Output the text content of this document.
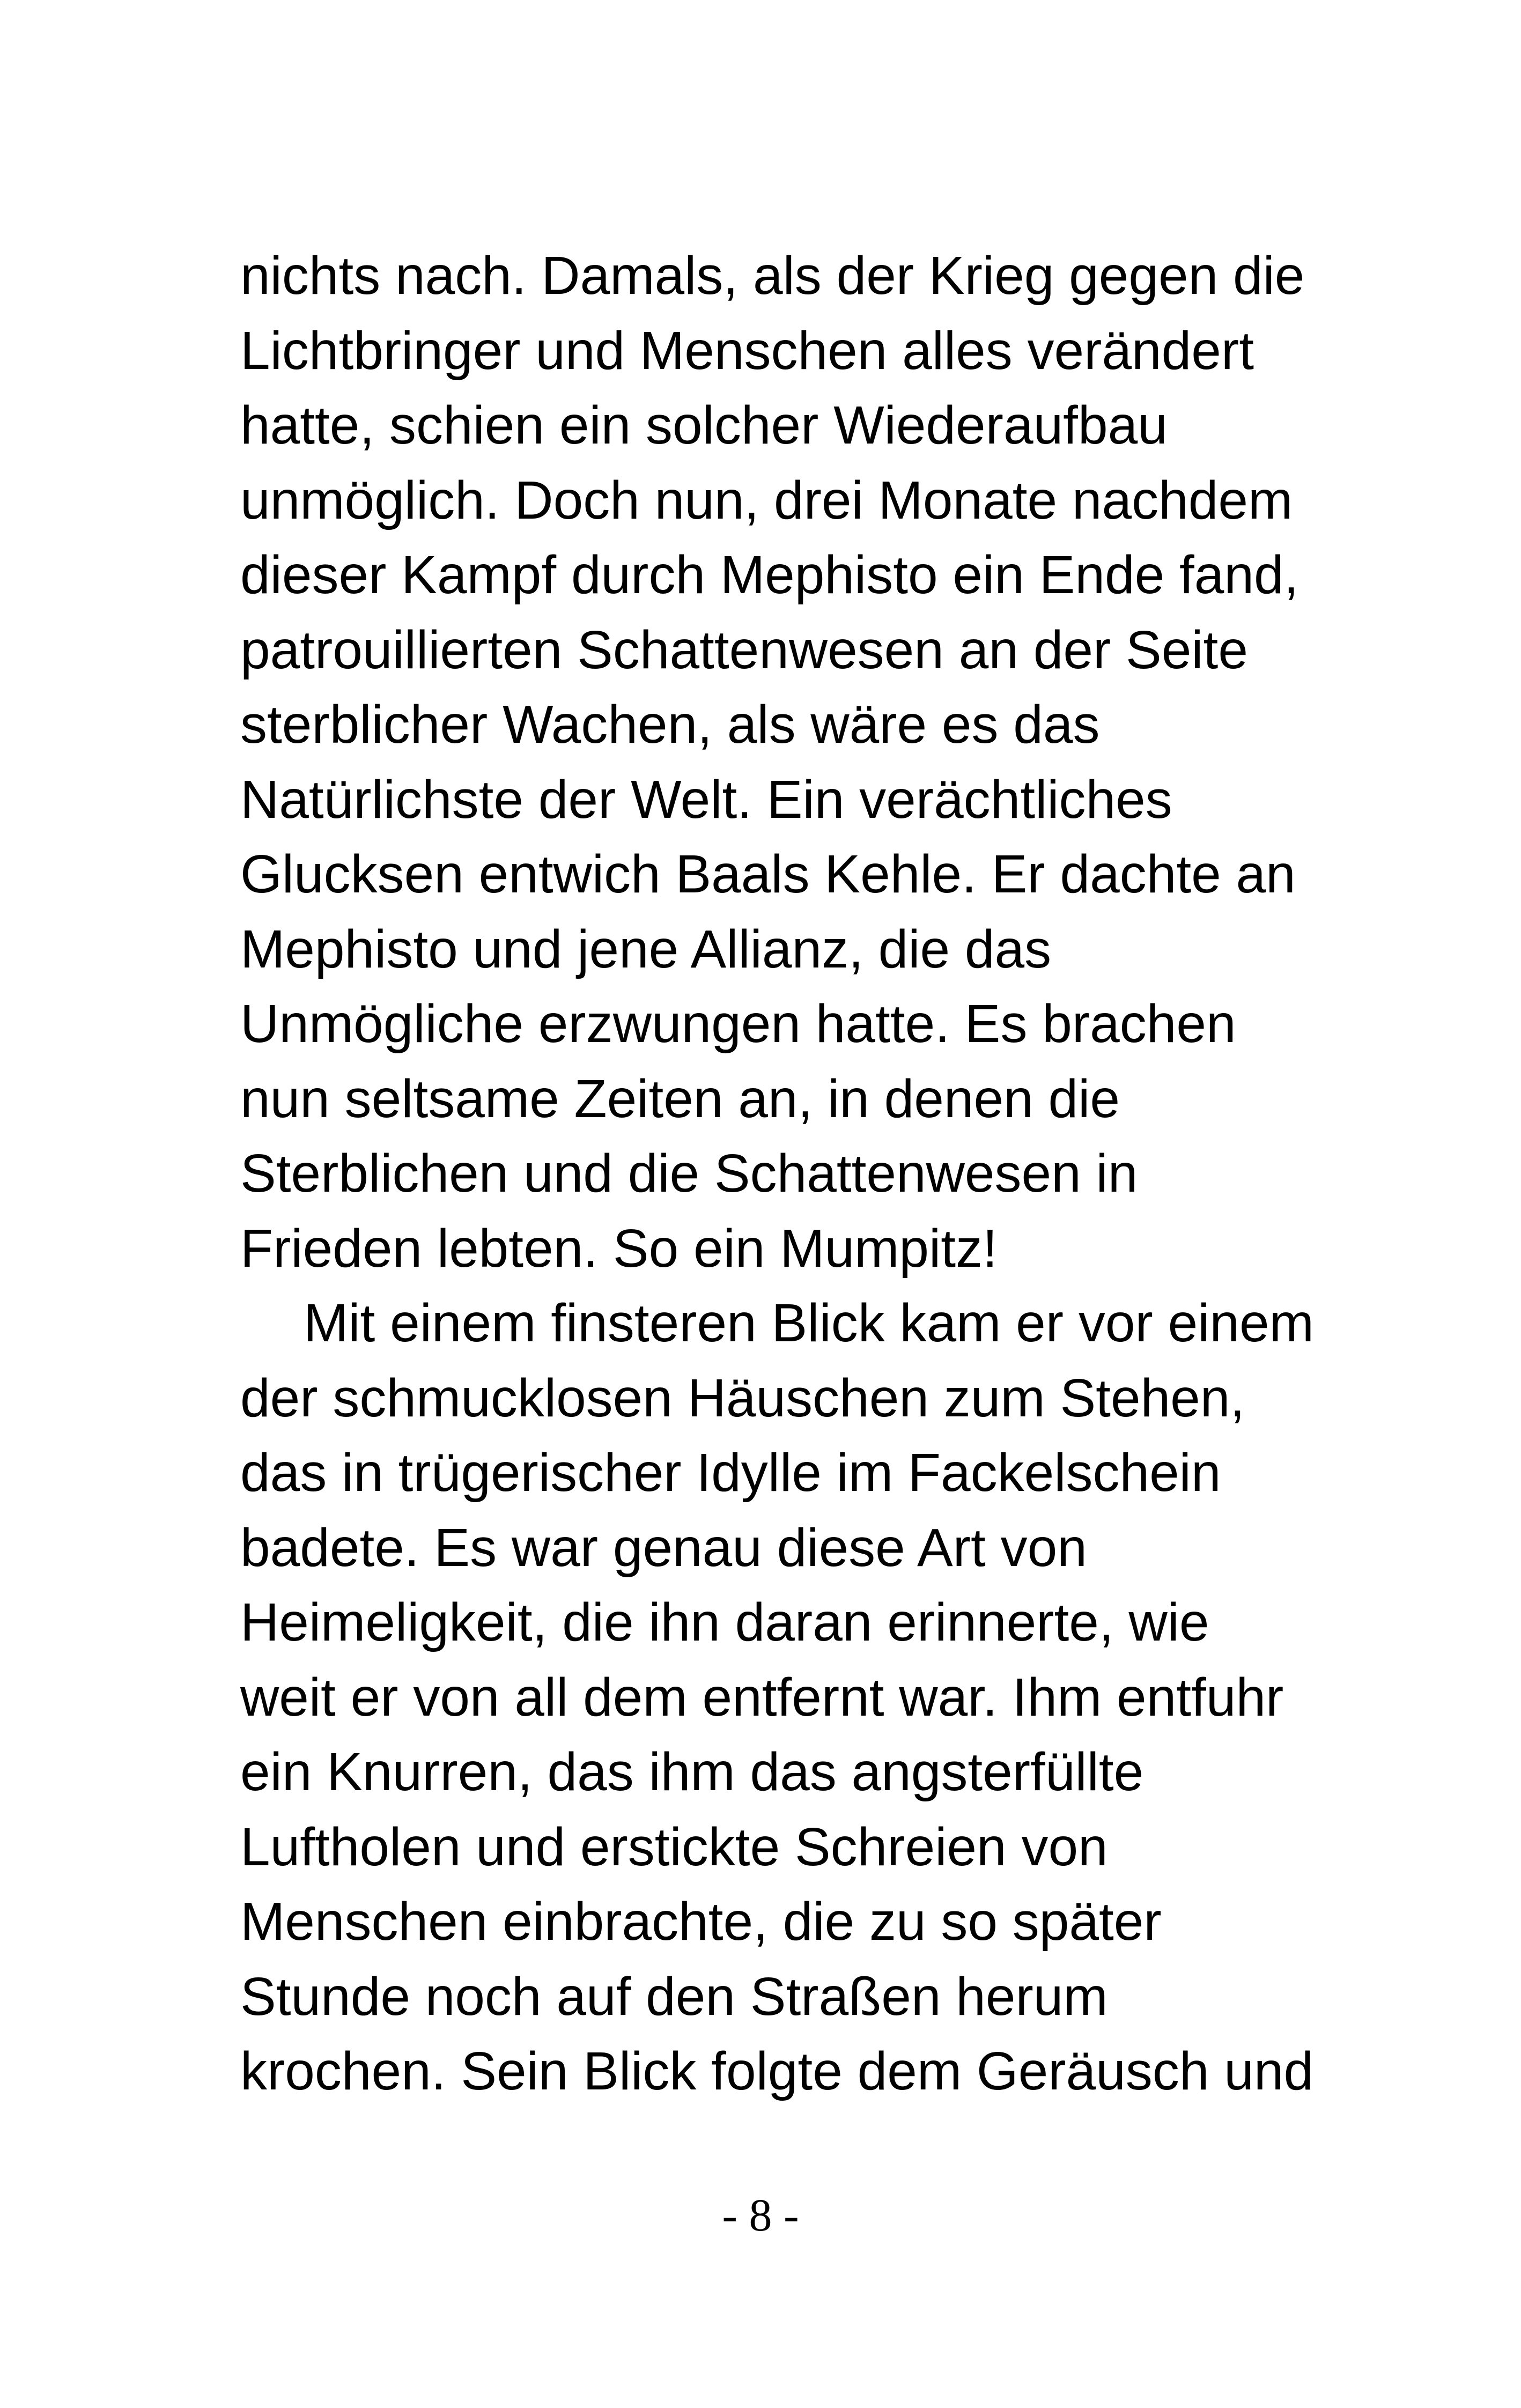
nichts nach. Damals, als der Krieg gegen die
Lichtbringer und Menschen alles verändert
hatte, schien ein solcher Wiederaufbau
unmöglich. Doch nun, drei Monate nachdem
dieser Kampf durch Mephisto ein Ende fand,
patrouillierten Schattenwesen an der Seite
sterblicher Wachen, als wäre es das
Natürlichste der Welt. Ein verächtliches
Glucksen entwich Baals Kehle. Er dachte an
Mephisto und jene Allianz, die das
Unmögliche erzwungen hatte. Es brachen
nun seltsame Zeiten an, in denen die
Sterblichen und die Schattenwesen in
Frieden lebten. So ein Mumpitz!
Mit einem finsteren Blick kam er vor einem
der schmucklosen Häuschen zum Stehen,
das in trügerischer Idylle im Fackelschein
badete. Es war genau diese Art von
Heimeligkeit, die ihn daran erinnerte, wie
weit er von all dem entfernt war. Ihm entfuhr
ein Knurren, das ihm das angsterfüllte
Luftholen und erstickte Schreien von
Menschen einbrachte, die zu so später
Stunde noch auf den Straßen herum
krochen. Sein Blick folgte dem Geräusch und
- 8 -
